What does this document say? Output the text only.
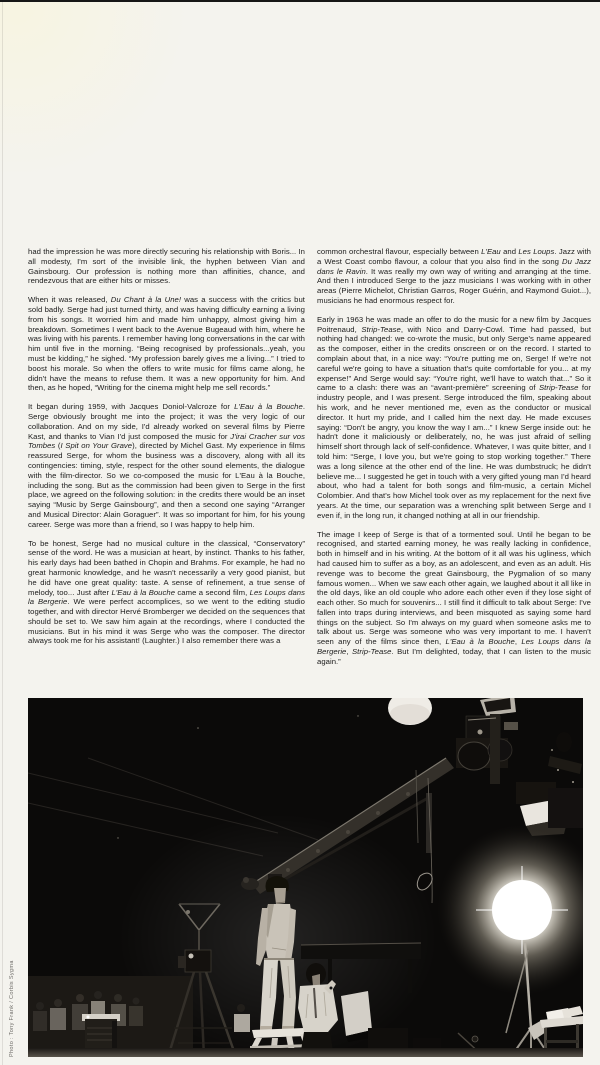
had the impression he was more directly securing his relationship with Boris... In all modesty, I'm sort of the invisible link, the hyphen between Vian and Gainsbourg. Our profession is nothing more than affinities, chance, and rendezvous that are either hits or misses.

When it was released, Du Chant à la Une! was a success with the critics but sold badly. Serge had just turned thirty, and was having difficulty earning a living from his songs. It worried him and made him unhappy, almost giving him a breakdown. Sometimes I went back to the Avenue Bugeaud with him, where he was living with his parents. I remember having long conversations in the car with him until five in the morning. “Being recognised by professionals...yeah, you must be kidding,” he sighed. “My profession barely gives me a living...” I tried to boost his morale. So when the offers to write music for films came along, he didn't have the means to refuse them. It was a new opportunity for him. And then, as he hoped, “Writing for the cinema might help me sell records.”

It began during 1959, with Jacques Doniol-Valcroze for L'Eau à la Bouche. Serge obviously brought me into the project; it was the very logic of our collaboration. And on my side, I'd already worked on several films by Pierre Kast, and thanks to Vian I'd just composed the music for J'irai Cracher sur vos Tombes (I Spit on Your Grave), directed by Michel Gast. My experience in films reassured Serge, for whom the business was a discovery, along with all its contingencies: timing, style, respect for the other sound elements, the dialogue with the film-director. So we co-composed the music for L'Eau à la Bouche, including the song. But as the commission had been given to Serge in the first place, we agreed on the following solution: in the credits there would be an inset saying “Music by Serge Gainsbourg”, and then a second one saying “Arranger and Musical Director: Alain Goraguer”. It was so important for him, for his young career. Serge was more than a friend, so I was happy to help him.

To be honest, Serge had no musical culture in the classical, “Conservatory” sense of the word. He was a musician at heart, by instinct. Thanks to his father, his early days had been bathed in Chopin and Brahms. For example, he had no great harmonic knowledge, and he wasn't necessarily a very good pianist, but he did have one great quality: taste. A sense of refinement, a true sense of melody, too... Just after L'Eau à la Bouche came a second film, Les Loups dans la Bergerie. We were perfect accomplices, so we went to the editing studio together, and with director Hervé Bromberger we decided on the sequences that should be set to. We saw him again at the recordings, where I conducted the musicians. But in his mind it was Serge who was the composer. The director always took me for his assistant! (Laughter.) I also remember there was a

common orchestral flavour, especially between L'Eau and Les Loups. Jazz with a West Coast combo flavour, a colour that you also find in the song Du Jazz dans le Ravin. It was really my own way of writing and arranging at the time. And then I introduced Serge to the jazz musicians I was working with in other areas (Pierre Michelot, Christian Garros, Roger Guérin, and Raymond Guiot...), musicians he had enormous respect for.

Early in 1963 he was made an offer to do the music for a new film by Jacques Poitrenaud, Strip-Tease, with Nico and Darry-Cowl. Time had passed, but nothing had changed: we co-wrote the music, but only Serge's name appeared as the composer, either in the credits onscreen or on the record. I started to complain about that, in a nice way: “You're putting me on, Serge! If we're not careful we're going to have a situation that's quite comfortable for you... at my expense!” And Serge would say: “You're right, we'll have to watch that...” So it came to a clash: there was an “avant-première” screening of Strip-Tease for industry people, and I was present. Serge introduced the film, speaking about his work, and he never mentioned me, even as the conductor or musical director. It hurt my pride, and I called him the next day. He made excuses saying: “Don't be angry, you know the way I am...” I knew Serge inside out: he hadn't done it maliciously or deliberately, no, he was just afraid of selling himself short through lack of self-confidence. Whatever, I was quite bitter, and I told him: “Serge, I love you, but we're going to stop working together.” There was a long silence at the other end of the line. He was dumbstruck; he didn't believe me... I suggested he get in touch with a very gifted young man I'd heard about, who had a talent for both songs and film-music, a certain Michel Colombier. And that's how Michel took over as my replacement for the next five years. At the time, our separation was a wrenching split between Serge and I even if, in the long run, it changed nothing at all in our friendship.

The image I keep of Serge is that of a tormented soul. Until he began to be recognised, and started earning money, he was really lacking in confidence, both in himself and in his writing. At the bottom of it all was his ugliness, which had caused him to suffer as a boy, as an adolescent, and even as an adult. His revenge was to become the great Gainsbourg, the Pygmalion of so many famous women... When we saw each other again, we laughed about it all like in the old days, like an old couple who adore each other even if they lose sight of each other. So much for souvenirs... I still find it difficult to talk about Serge: I've fallen into traps during interviews, and been misquoted as saying some hard things on the subject. So I'm always on my guard when someone asks me to talk about us. Serge was someone who was very important to me. I haven't seen any of the films since then, L'Eau à la Bouche, Les Loups dans la Bergerie, Strip-Tease. But I'm delighted, today, that I can listen to the music again.”

Photo : Tony Frank / Corbis Sygma
